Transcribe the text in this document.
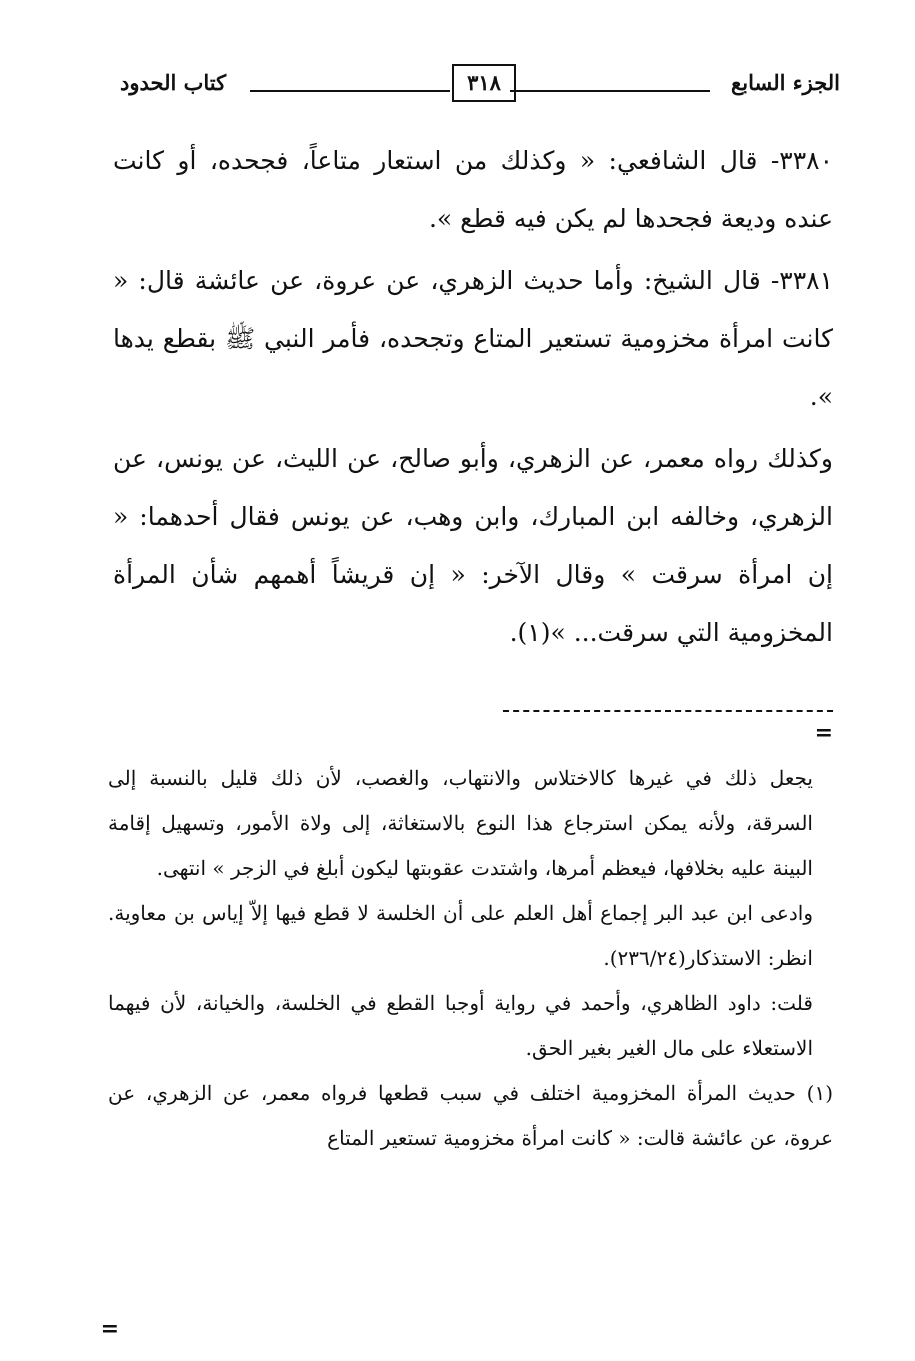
الجزء السابع
٣١٨
كتاب الحدود

٣٣٨٠- قال الشافعي: « وكذلك من استعار متاعاً، فجحده، أو كانت عنده وديعة فجحدها لم يكن فيه قطع ».

٣٣٨١- قال الشيخ: وأما حديث الزهري، عن عروة، عن عائشة قال: « كانت امرأة مخزومية تستعير المتاع وتجحده، فأمر النبي ﷺ بقطع يدها ».

وكذلك رواه معمر، عن الزهري، وأبو صالح، عن الليث، عن يونس، عن الزهري، وخالفه ابن المبارك، وابن وهب، عن يونس فقال أحدهما: « إن امرأة سرقت » وقال الآخر: « إن قريشاً أهمهم شأن المرأة المخزومية التي سرقت... »(١).

=

يجعل ذلك في غيرها كالاختلاس والانتهاب، والغصب، لأن ذلك قليل بالنسبة إلى السرقة، ولأنه يمكن استرجاع هذا النوع بالاستغاثة، إلى ولاة الأمور، وتسهيل إقامة البينة عليه بخلافها، فيعظم أمرها، واشتدت عقوبتها ليكون أبلغ في الزجر » انتهى.

وادعى ابن عبد البر إجماع أهل العلم على أن الخلسة لا قطع فيها إلاّ إياس بن معاوية. انظر: الاستذكار(٢٣٦/٢٤).

قلت: داود الظاهري، وأحمد في رواية أوجبا القطع في الخلسة، والخيانة، لأن فيهما الاستعلاء على مال الغير بغير الحق.

(١) حديث المرأة المخزومية اختلف في سبب قطعها فرواه معمر، عن الزهري، عن عروة، عن عائشة قالت: « كانت امرأة مخزومية تستعير المتاع

=
